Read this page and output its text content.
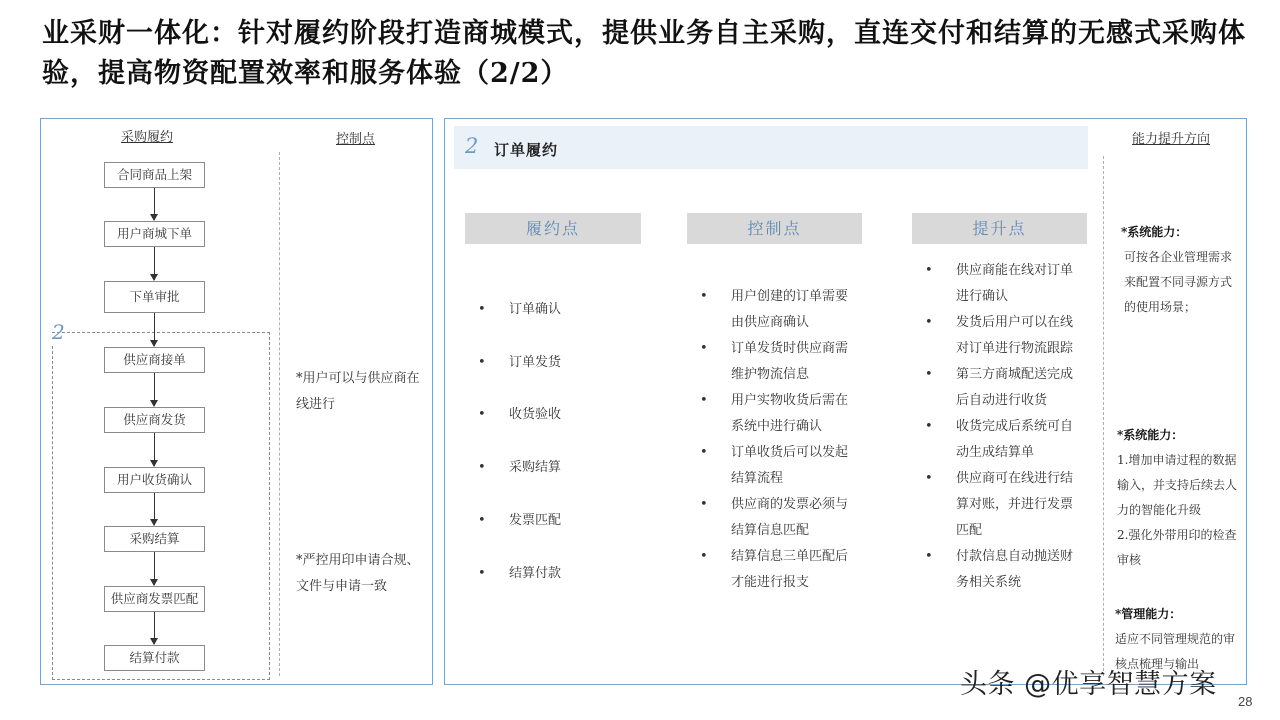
业采财一体化：针对履约阶段打造商城模式，提供业务自主采购，直连交付和结算的无感式采购体验，提高物资配置效率和服务体验（2/2）
采购履约	控制点
2
合同商品上架
用户商城下单
下单审批
供应商接单
供应商发货
用户收货确认
采购结算
供应商发票匹配
结算付款
*用户可以与供应商在线进行
*严控用印申请合规、文件与申请一致
2 订单履约
能力提升方向
履约点	控制点	提升点
• 订单确认
• 订单发货
• 收货验收
• 采购结算
• 发票匹配
• 结算付款
• 用户创建的订单需要由供应商确认
• 订单发货时供应商需维护物流信息
• 用户实物收货后需在系统中进行确认
• 订单收货后可以发起结算流程
• 供应商的发票必须与结算信息匹配
• 结算信息三单匹配后才能进行报支
• 供应商能在线对订单进行确认
• 发货后用户可以在线对订单进行物流跟踪
• 第三方商城配送完成后自动进行收货
• 收货完成后系统可自动生成结算单
• 供应商可在线进行结算对账，并进行发票匹配
• 付款信息自动抛送财务相关系统
*系统能力：
可按各企业管理需求来配置不同寻源方式的使用场景；
*系统能力：
1.增加申请过程的数据输入，并支持后续去人力的智能化升级
2.强化外带用印的检查审核
*管理能力：
适应不同管理规范的审核点梳理与输出
头条 @优享智慧方案
28
